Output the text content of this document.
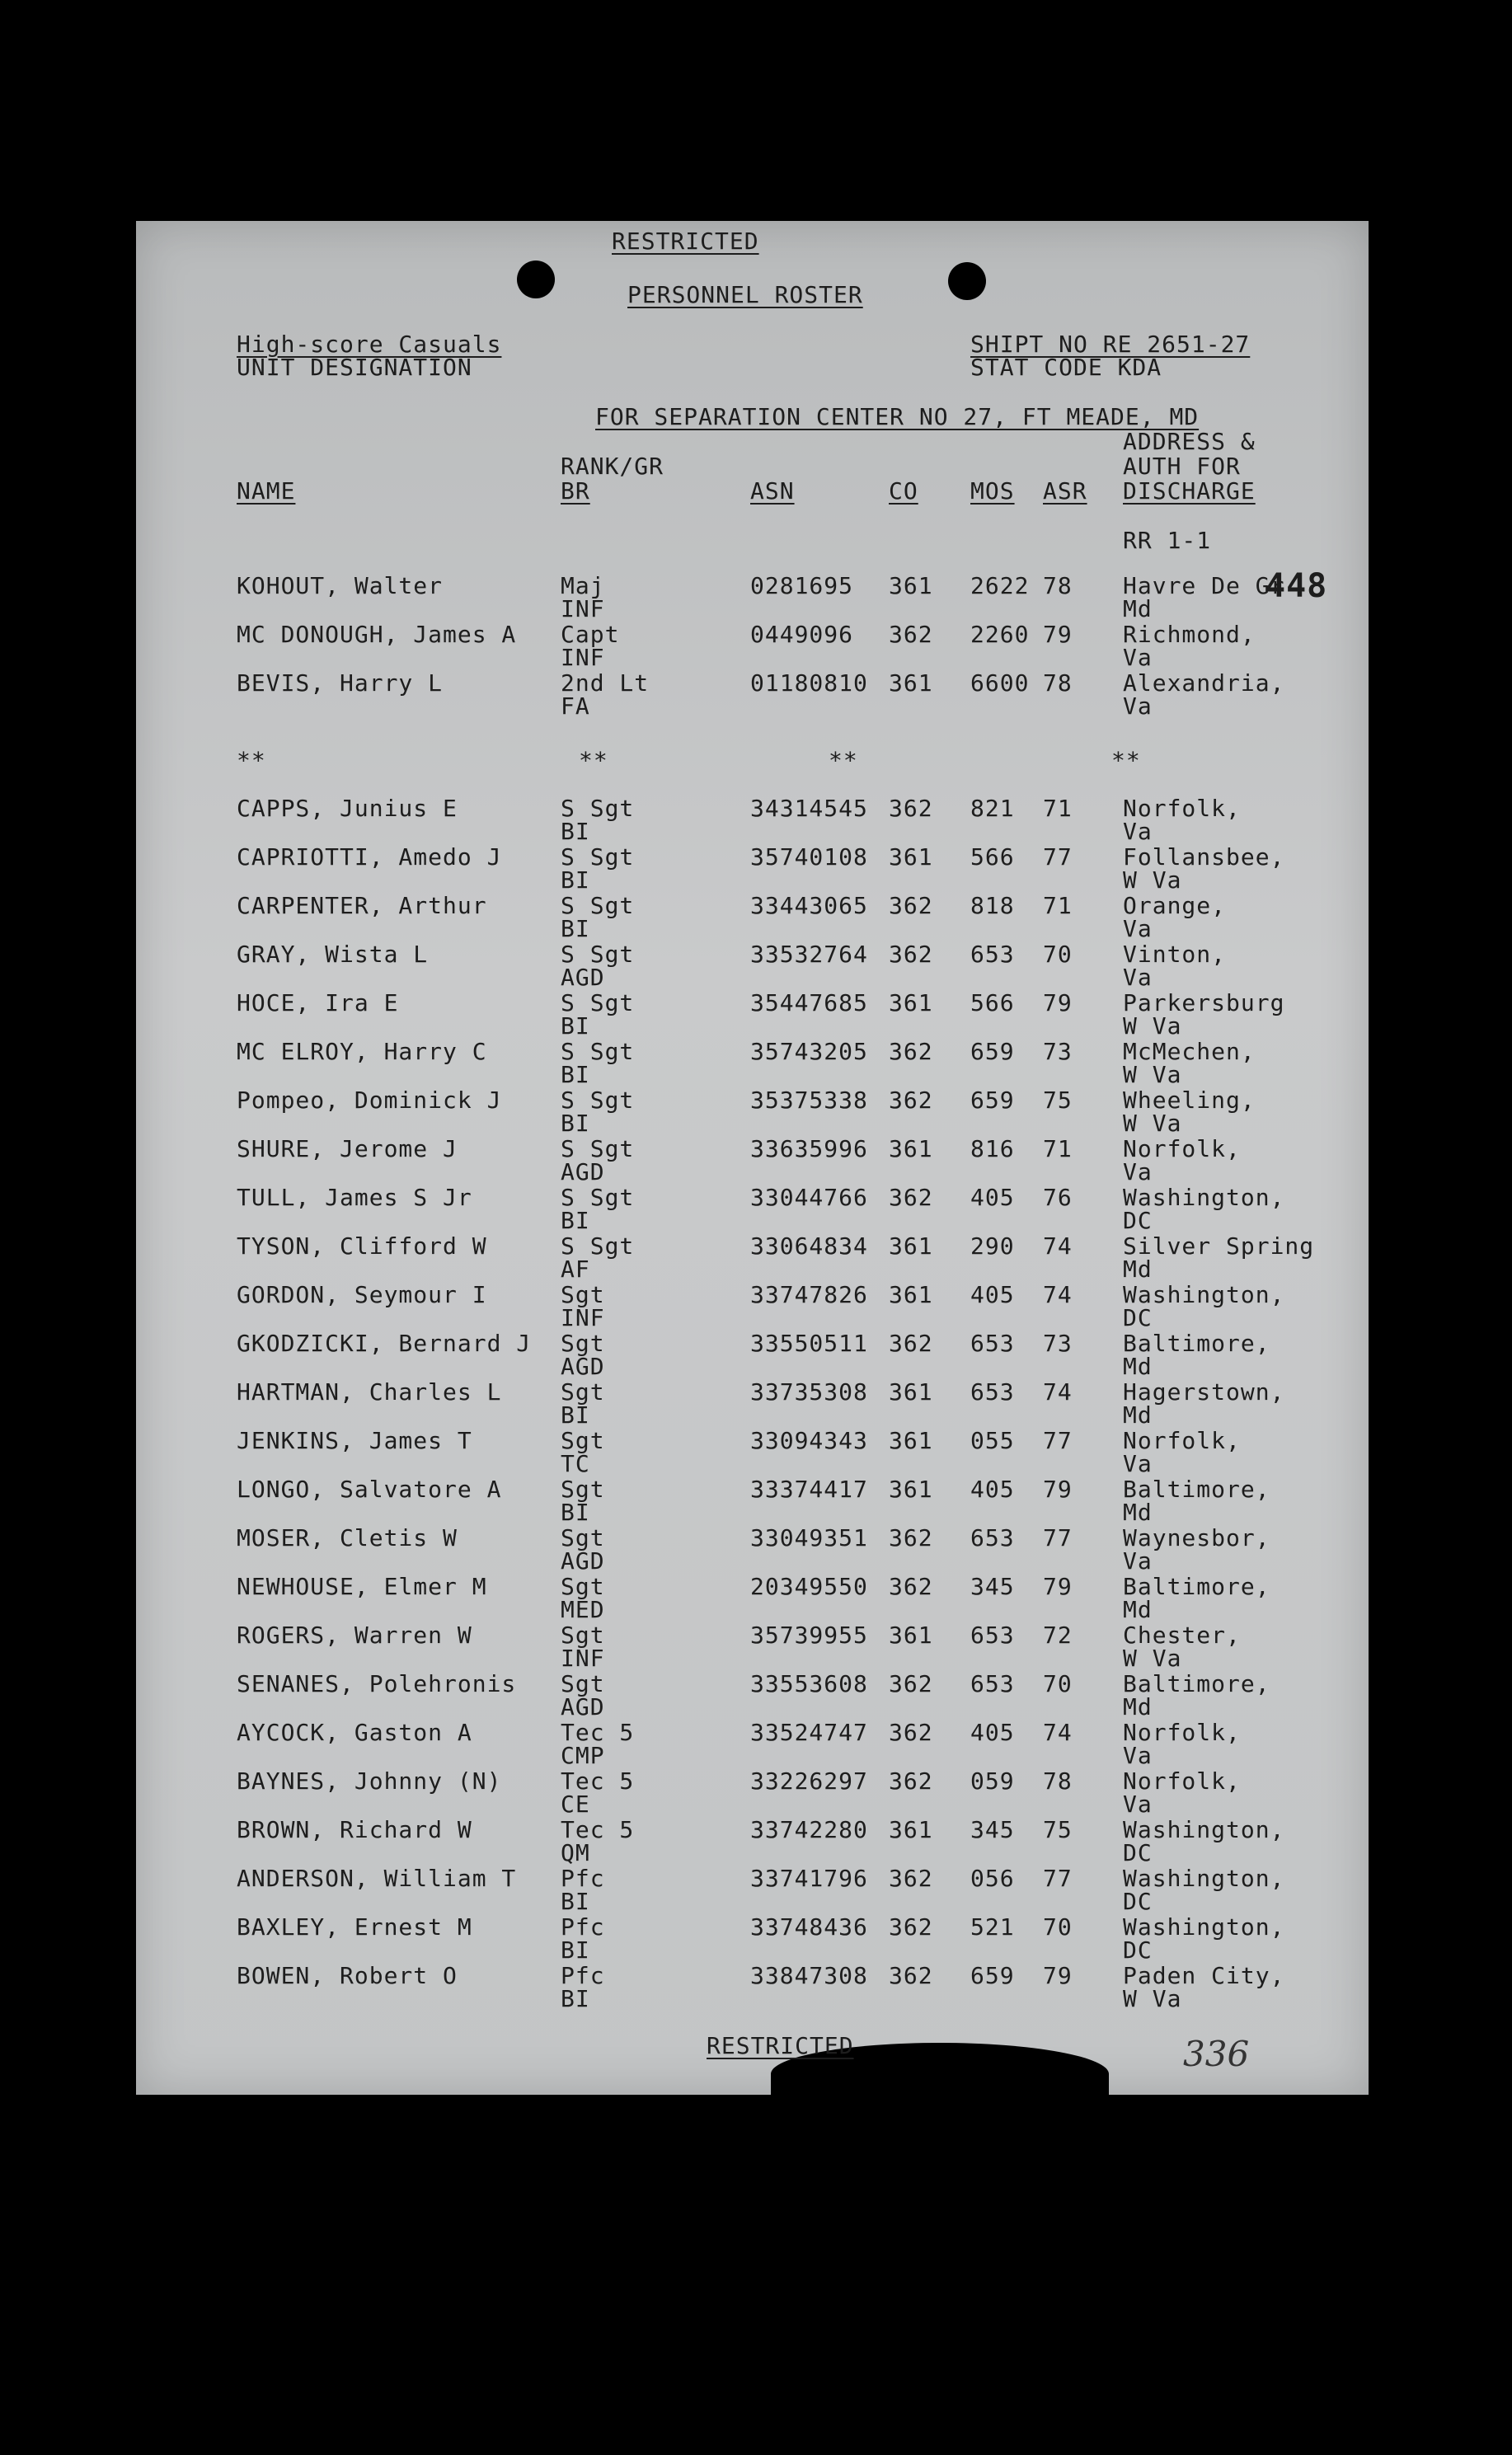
RESTRICTED
PERSONNEL ROSTER
High-score Casuals
UNIT DESIGNATION
SHIPT NO RE 2651-27
STAT CODE KDA
FOR SEPARATION CENTER NO 27, FT MEADE, MD
NAME
RANK/GR
BR	ASN	CO MOS ASR
ADDRESS &
AUTH FOR
DISCHARGE
RR 1-1
448
KOHOUT, Walter	Maj
INF
0281695 361 2622 78 Havre De Gr
Md
MC DONOUGH, James A Capt
INF
0449096 362 2260 79 Richmond,
Va
BEVIS, Harry L	2nd Lt
FA
01180810 361 6600 78 Alexandria,
Va
**	**	**	**
CAPPS, Junius E	S Sgt
BI
34314545 362 821 71 Norfolk,
Va
CAPRIOTTI, Amedo J	S Sgt
BI
35740108 361 566 77 Follansbee,
W Va
CARPENTER, Arthur	S Sgt
BI
33443065 362 818 71 Orange,
Va
GRAY, Wista L	S Sgt
AGD
33532764 362 653 70 Vinton,
Va
HOCE, Ira E	S Sgt
BI
35447685 361 566 79 Parkersburg
W Va
MC ELROY, Harry C	S Sgt
BI
35743205 362 659 73 McMechen,
W Va
Pompeo, Dominick J	S Sgt
BI
35375338 362 659 75 Wheeling,
W Va
SHURE, Jerome J	S Sgt
AGD
33635996 361 816 71 Norfolk,
Va
TULL, James S Jr	S Sgt
BI
33044766 362 405 76 Washington,
DC
TYSON, Clifford W	S Sgt
AF
33064834 361 290 74 Silver Spring
Md
GORDON, Seymour I	Sgt
INF
33747826 361 405 74 Washington,
DC
GKODZICKI, Bernard J Sgt
AGD
33550511 362 653 73 Baltimore,
Md
HARTMAN, Charles L	Sgt
BI
33735308 361 653 74 Hagerstown,
Md
JENKINS, James T	Sgt
TC
33094343 361 055 77 Norfolk,
Va
LONGO, Salvatore A	Sgt
BI
33374417 361 405 79 Baltimore,
Md
MOSER, Cletis W	Sgt
AGD
33049351 362 653 77 Waynesbor,
Va
NEWHOUSE, Elmer M	Sgt
MED
20349550 362 345 79 Baltimore,
Md
ROGERS, Warren W	Sgt
INF
35739955 361 653 72 Chester,
W Va
SENANES, Polehronis Sgt
AGD
33553608 362 653 70 Baltimore,
Md
AYCOCK, Gaston A	Tec 5
CMP
33524747 362 405 74 Norfolk,
Va
BAYNES, Johnny (N)	Tec 5
CE
33226297 362 059 78 Norfolk,
Va
BROWN, Richard W	Tec 5
QM
33742280 361 345 75 Washington,
DC
ANDERSON, William T Pfc
BI
33741796 362 056 77 Washington,
DC
BAXLEY, Ernest M	Pfc
BI
33748436 362 521 70 Washington,
DC
BOWEN, Robert O	Pfc
BI
33847308 362 659 79 Paden City,
W Va
RESTRICTED	336
